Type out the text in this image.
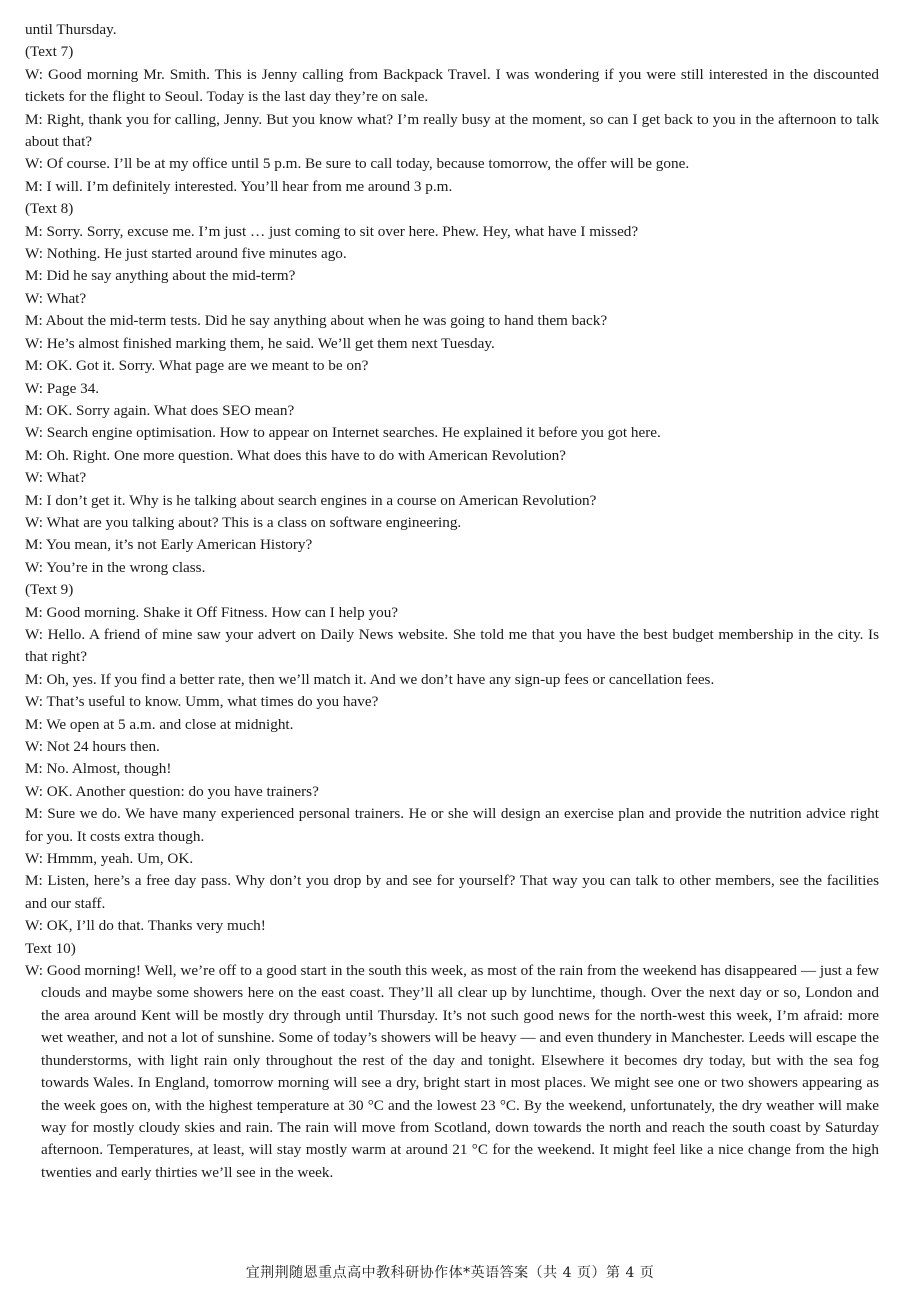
until Thursday.

(Text 7)

W: Good morning Mr. Smith. This is Jenny calling from Backpack Travel. I was wondering if you were still interested in the discounted tickets for the flight to Seoul. Today is the last day they’re on sale.

M: Right, thank you for calling, Jenny. But you know what? I’m really busy at the moment, so can I get back to you in the afternoon to talk about that?

W: Of course. I’ll be at my office until 5 p.m. Be sure to call today, because tomorrow, the offer will be gone.

M: I will. I’m definitely interested. You’ll hear from me around 3 p.m.

(Text 8)

M: Sorry. Sorry, excuse me. I’m just … just coming to sit over here. Phew. Hey, what have I missed?

W: Nothing. He just started around five minutes ago.

M: Did he say anything about the mid-term?

W: What?

M: About the mid-term tests. Did he say anything about when he was going to hand them back?

W: He’s almost finished marking them, he said. We’ll get them next Tuesday.

M: OK. Got it. Sorry. What page are we meant to be on?

W: Page 34.

M: OK. Sorry again. What does SEO mean?

W: Search engine optimisation. How to appear on Internet searches. He explained it before you got here.

M: Oh. Right. One more question. What does this have to do with American Revolution?

W: What?

M: I don’t get it. Why is he talking about search engines in a course on American Revolution?

W: What are you talking about? This is a class on software engineering.

M: You mean, it’s not Early American History?

W: You’re in the wrong class.

(Text 9)

M: Good morning. Shake it Off Fitness. How can I help you?

W: Hello. A friend of mine saw your advert on Daily News website. She told me that you have the best budget membership in the city. Is that right?

M: Oh, yes. If you find a better rate, then we’ll match it. And we don’t have any sign-up fees or cancellation fees.

W: That’s useful to know. Umm, what times do you have?

M: We open at 5 a.m. and close at midnight.

W: Not 24 hours then.

M: No. Almost, though!

W: OK. Another question: do you have trainers?

M: Sure we do. We have many experienced personal trainers. He or she will design an exercise plan and provide the nutrition advice right for you. It costs extra though.

W: Hmmm, yeah. Um, OK.

M: Listen, here’s a free day pass. Why don’t you drop by and see for yourself? That way you can talk to other members, see the facilities and our staff.

W: OK, I’ll do that. Thanks very much!

Text 10)

W: Good morning! Well, we’re off to a good start in the south this week, as most of the rain from the weekend has disappeared — just a few clouds and maybe some showers here on the east coast. They’ll all clear up by lunchtime, though. Over the next day or so, London and the area around Kent will be mostly dry through until Thursday. It’s not such good news for the north-west this week, I’m afraid: more wet weather, and not a lot of sunshine. Some of today’s showers will be heavy — and even thundery in Manchester. Leeds will escape the thunderstorms, with light rain only throughout the rest of the day and tonight. Elsewhere it becomes dry today, but with the sea fog towards Wales. In England, tomorrow morning will see a dry, bright start in most places. We might see one or two showers appearing as the week goes on, with the highest temperature at 30 °C and the lowest 23 °C. By the weekend, unfortunately, the dry weather will make way for mostly cloudy skies and rain. The rain will move from Scotland, down towards the north and reach the south coast by Saturday afternoon. Temperatures, at least, will stay mostly warm at around 21 °C for the weekend. It might feel like a nice change from the high twenties and early thirties we’ll see in the week.

宜荆荆随恩重点高中教科研协作体*英语答案（共 4 页）第 4 页
